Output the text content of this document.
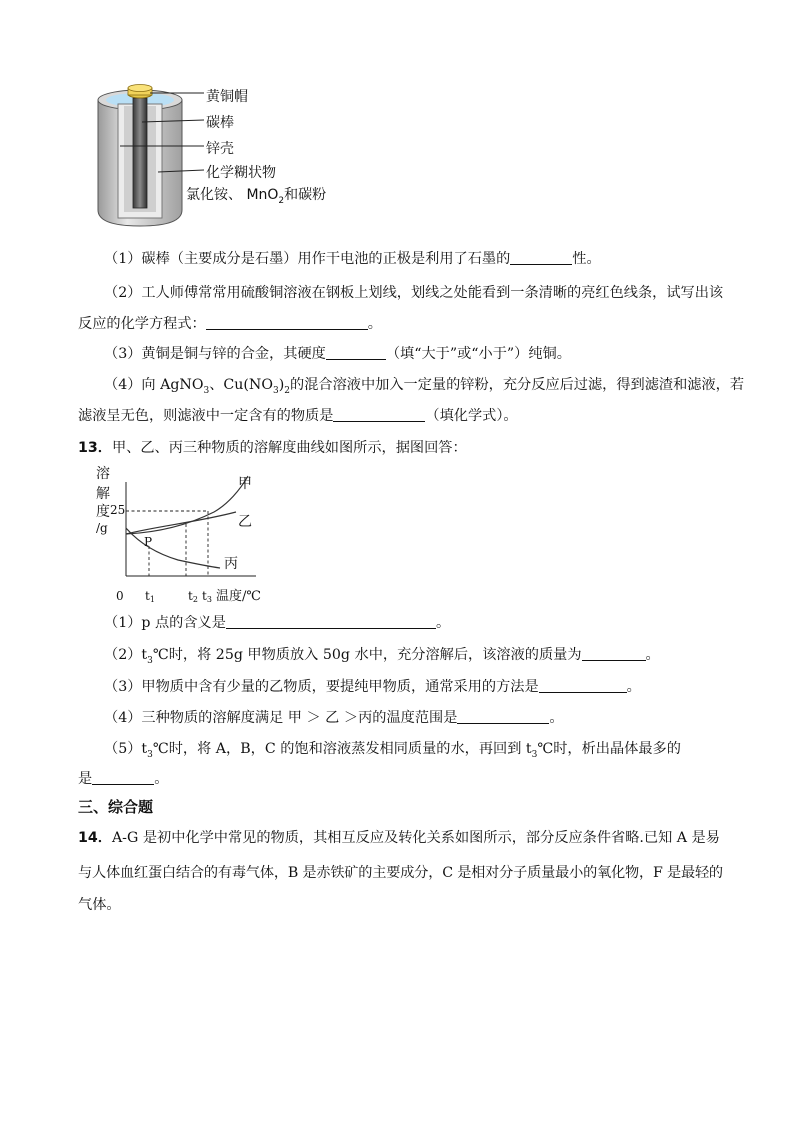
黄铜帽
碳棒
锌壳
化学糊状物
氯化铵、 MnO$_2$和碳粉
（1）碳棒（主要成分是石墨）用作干电池的正极是利用了石墨的	性。
（2）工人师傅常常用硫酸铜溶液在钢板上划线，划线之处能看到一条清晰的亮红色线条，试写出该
反应的化学方程式：	。
（3）黄铜是铜与锌的合金，其硬度	（填“大于”或“小于”）纯铜。
（4）向 AgNO$_3$、$Cu(NO_3)_2$的混合溶液中加入一定量的锌粉，充分反应后过滤，得到滤渣和滤液，若
滤液呈无色，则滤液中一定含有的物质是	（填化学式）。
13．甲、乙、丙三种物质的溶解度曲线如图所示，据图回答：
溶
解
度
/g
25
0 t1	t2 t3 温度/℃
P
甲
乙
丙
（1）p 点的含义是	。
$(2)t_3℃$时，将 25g 甲物质放入 50g 水中，充分溶解后，该溶液的质量为	。
（3）甲物质中含有少量的乙物质，要提纯甲物质，通常采用的方法是	。
（4）三种物质的溶解度满足 甲 ＞ 乙 ＞丙的温度范围是	。
$(5)t_3℃$时，将 A，B，C 的饱和溶液蒸发相同质量的水，再回到 $t_3℃$时，析出晶体最多的
是	。
三、综合题
14．A-G 是初中化学中常见的物质，其相互反应及转化关系如图所示，部分反应条件省略.已知 A 是易
与人体血红蛋白结合的有毒气体，B 是赤铁矿的主要成分，C 是相对分子质量最小的氧化物，F 是最轻的
气体。
